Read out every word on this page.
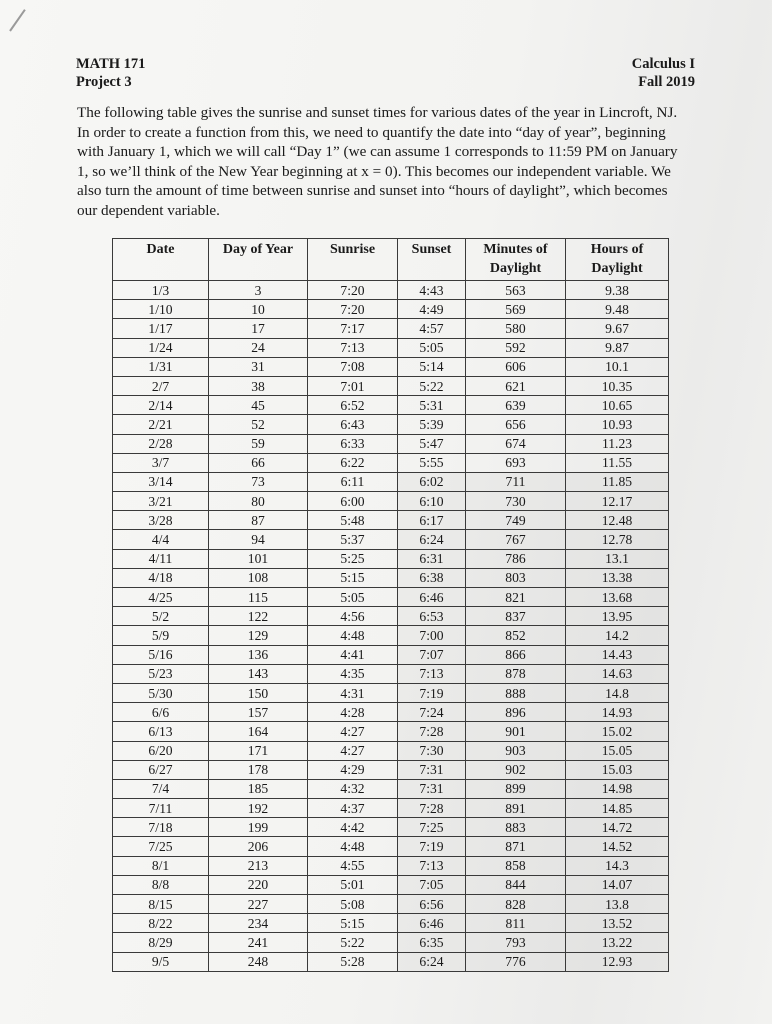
MATH 171
Project 3
Calculus I
Fall 2019

The following table gives the sunrise and sunset times for various dates of the year in Lincroft, NJ. In order to create a function from this, we need to quantify the date into “day of year”, beginning with January 1, which we will call “Day 1” (we can assume 1 corresponds to 11:59 PM on January 1, so we’ll think of the New Year beginning at x = 0). This becomes our independent variable. We also turn the amount of time between sunrise and sunset into “hours of daylight”, which becomes our dependent variable.

Date	Day of Year	Sunrise	Sunset	Minutes of Daylight	Hours of Daylight
1/3	3	7:20	4:43	563	9.38
1/10	10	7:20	4:49	569	9.48
1/17	17	7:17	4:57	580	9.67
1/24	24	7:13	5:05	592	9.87
1/31	31	7:08	5:14	606	10.1
2/7	38	7:01	5:22	621	10.35
2/14	45	6:52	5:31	639	10.65
2/21	52	6:43	5:39	656	10.93
2/28	59	6:33	5:47	674	11.23
3/7	66	6:22	5:55	693	11.55
3/14	73	6:11	6:02	711	11.85
3/21	80	6:00	6:10	730	12.17
3/28	87	5:48	6:17	749	12.48
4/4	94	5:37	6:24	767	12.78
4/11	101	5:25	6:31	786	13.1
4/18	108	5:15	6:38	803	13.38
4/25	115	5:05	6:46	821	13.68
5/2	122	4:56	6:53	837	13.95
5/9	129	4:48	7:00	852	14.2
5/16	136	4:41	7:07	866	14.43
5/23	143	4:35	7:13	878	14.63
5/30	150	4:31	7:19	888	14.8
6/6	157	4:28	7:24	896	14.93
6/13	164	4:27	7:28	901	15.02
6/20	171	4:27	7:30	903	15.05
6/27	178	4:29	7:31	902	15.03
7/4	185	4:32	7:31	899	14.98
7/11	192	4:37	7:28	891	14.85
7/18	199	4:42	7:25	883	14.72
7/25	206	4:48	7:19	871	14.52
8/1	213	4:55	7:13	858	14.3
8/8	220	5:01	7:05	844	14.07
8/15	227	5:08	6:56	828	13.8
8/22	234	5:15	6:46	811	13.52
8/29	241	5:22	6:35	793	13.22
9/5	248	5:28	6:24	776	12.93
